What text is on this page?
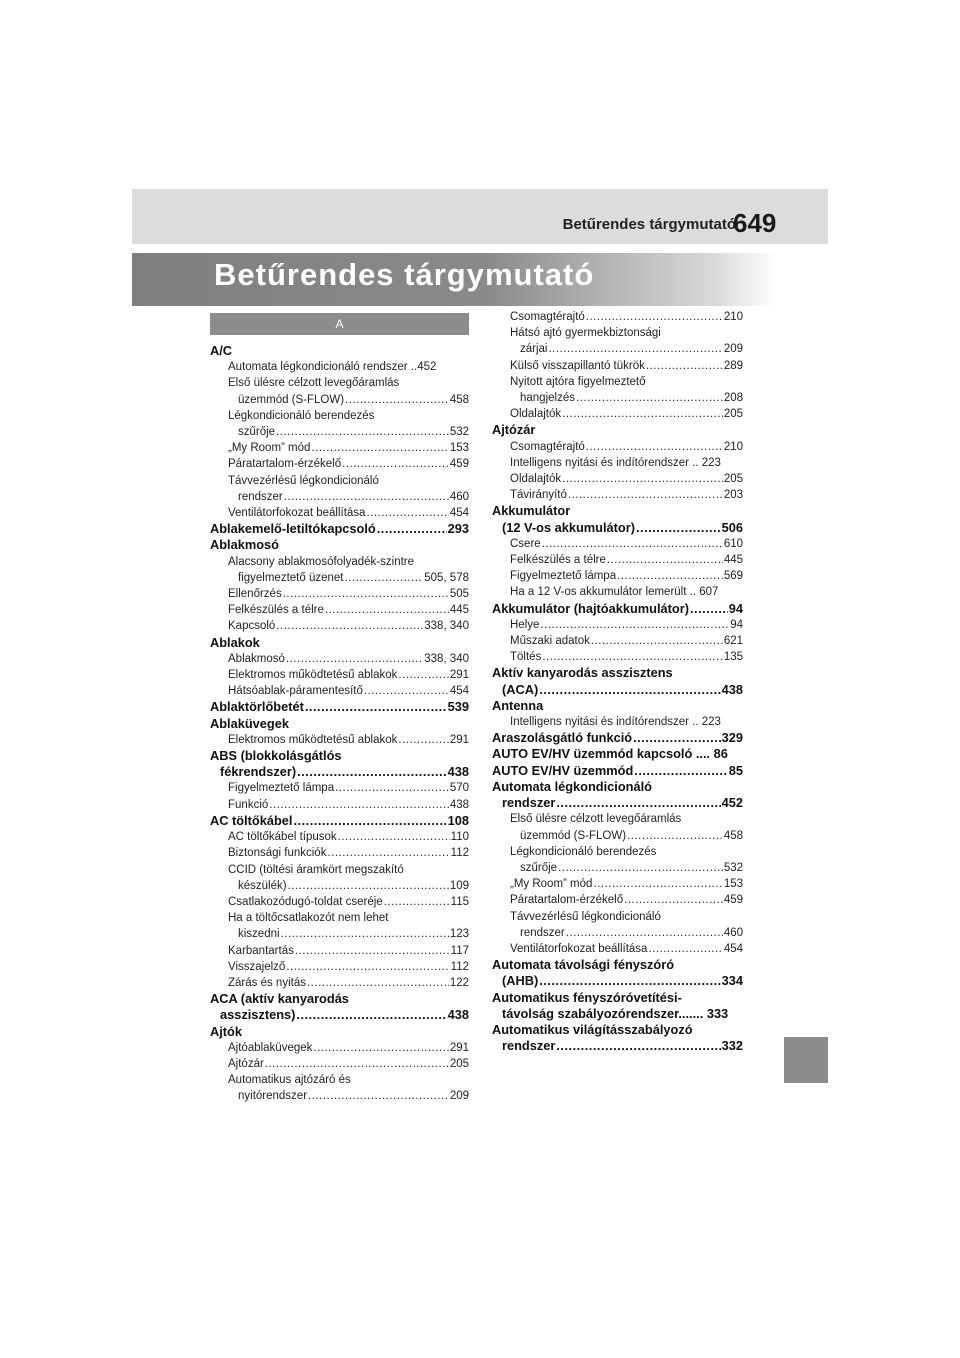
Betűrendes tárgymutató
649
Betűrendes tárgymutató
A
A/C
Automata légkondicionáló rendszer ..452
Első ülésre célzott levegőáramlás
üzemmód (S-FLOW) .....	458
Légkondicionáló berendezés
szűrője .....	532
„My Room” mód .....	153
Páratartalom-érzékelő .....	459
Távvezérlésű légkondicionáló
rendszer .....	460
Ventilátorfokozat beállítása .....	454
Ablakemelő-letiltókapcsoló .....	293
Ablakmosó
Alacsony ablakmosófolyadék-szintre
figyelmeztető üzenet .....	505, 578
Ellenőrzés .....	505
Felkészülés a télre .....	445
Kapcsoló .....	338, 340
Ablakok
Ablakmosó .....	338, 340
Elektromos működtetésű ablakok .....	291
Hátsóablak-páramentesítő .....	454
Ablaktörlőbetét .....	539
Ablaküvegek
Elektromos működtetésű ablakok .....	291
ABS (blokkolásgátlós
fékrendszer) .....	438
Figyelmeztető lámpa .....	570
Funkció .....	438
AC töltőkábel .....	108
AC töltőkábel típusok .....	110
Biztonsági funkciók .....	112
CCID (töltési áramkört megszakító
készülék) .....	109
Csatlakozódugó-toldat cseréje .....	115
Ha a töltőcsatlakozót nem lehet
kiszedni .....	123
Karbantartás .....	117
Visszajelző .....	112
Zárás és nyitás .....	122
ACA (aktív kanyarodás
asszisztens) .....	438
Ajtók
Ajtóablaküvegek .....	291
Ajtózár .....	205
Automatikus ajtózáró és
nyitórendszer .....	209
Csomagtérajtó .....	210
Hátsó ajtó gyermekbiztonsági
zárjai .....	209
Külső visszapillantó tükrök .....	289
Nyitott ajtóra figyelmeztető
hangjelzés .....	208
Oldalajtók .....	205
Ajtózár
Csomagtérajtó .....	210
Intelligens nyitási és indítórendszer .. 223
Oldalajtók .....	205
Távirányító .....	203
Akkumulátor
(12 V-os akkumulátor) .....	506
Csere .....	610
Felkészülés a télre .....	445
Figyelmeztető lámpa .....	569
Ha a 12 V-os akkumulátor lemerült .. 607
Akkumulátor (hajtóakkumulátor) .....	94
Helye .....	94
Műszaki adatok .....	621
Töltés .....	135
Aktív kanyarodás asszisztens
(ACA) .....	438
Antenna
Intelligens nyitási és indítórendszer .. 223
Araszolásgátló funkció .....	329
AUTO EV/HV üzemmód kapcsoló .... 86
AUTO EV/HV üzemmód .....	85
Automata légkondicionáló
rendszer .....	452
Első ülésre célzott levegőáramlás
üzemmód (S-FLOW) .....	458
Légkondicionáló berendezés
szűrője .....	532
„My Room” mód .....	153
Páratartalom-érzékelő .....	459
Távvezérlésű légkondicionáló
rendszer .....	460
Ventilátorfokozat beállítása .....	454
Automata távolsági fényszóró
(AHB) .....	334
Automatikus fényszóróvetítési-
távolság szabályozórendszer....... 333
Automatikus világításszabályozó
rendszer .....	332
